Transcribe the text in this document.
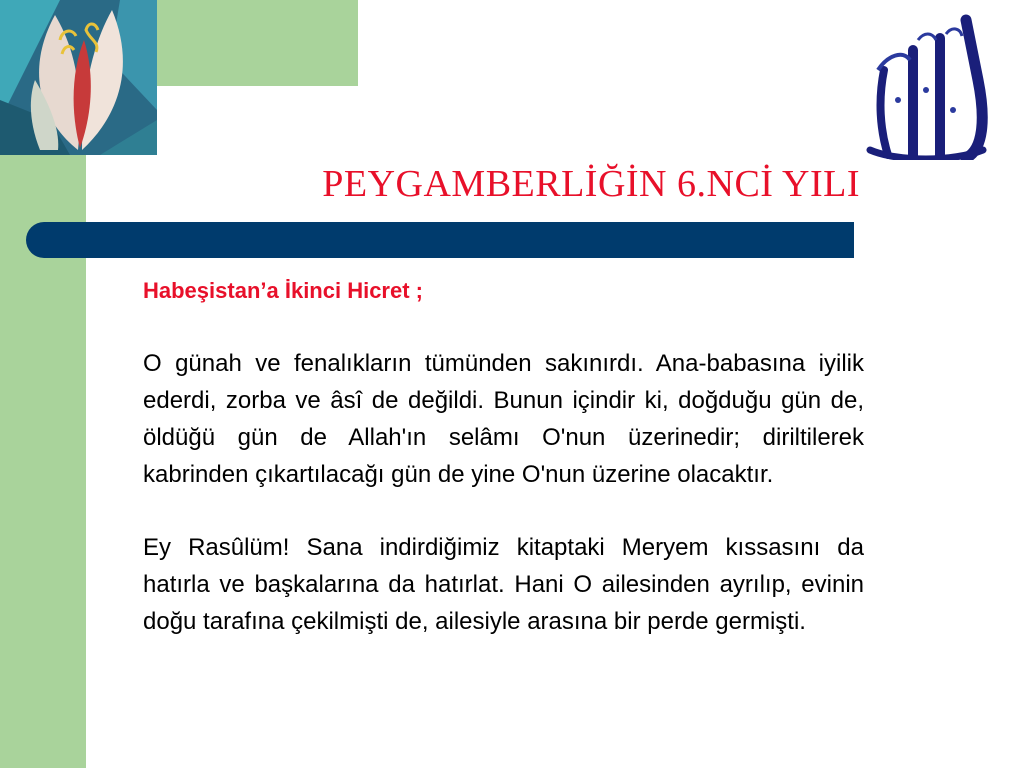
PEYGAMBERLİĞİN 6.NCİ YILI

Habeşistan’a İkinci Hicret ;

O günah ve fenalıkların tümünden sakınırdı. Ana-babasına iyilik ederdi, zorba ve âsî de değildi. Bunun içindir ki, doğduğu gün de, öldüğü gün de Allah'ın selâmı O'nun üzerinedir; diriltilerek kabrinden çıkartılacağı gün de yine O'nun üzerine olacaktır.

Ey Rasûlüm! Sana indirdiğimiz kitaptaki Meryem kıssasını da hatırla ve başkalarına da hatırlat. Hani O ailesinden ayrılıp, evinin doğu tarafına çekilmişti de, ailesiyle arasına bir perde germişti.
